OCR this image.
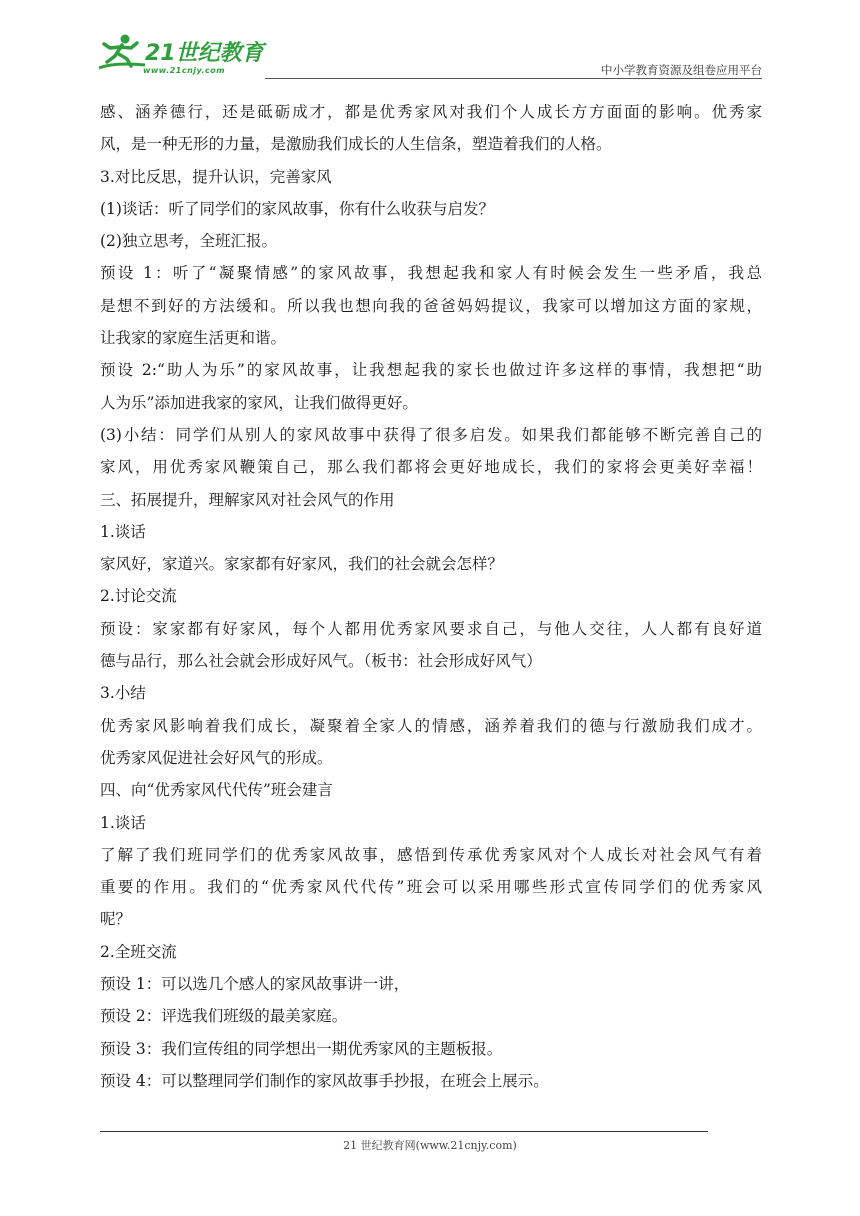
21世纪教育
www.21cnjy.com	中小学教育资源及组卷应用平台
感、涵养德行，还是砥砺成才，都是优秀家风对我们个人成长方方面面的影响。优秀家
风，是一种无形的力量，是激励我们成长的人生信条，塑造着我们的人格。
3.对比反思，提升认识，完善家风
(1)谈话：听了同学们的家风故事，你有什么收获与启发？
(2)独立思考，全班汇报。
预设 1：听了“凝聚情感”的家风故事，我想起我和家人有时候会发生一些矛盾，我总
是想不到好的方法缓和。所以我也想向我的爸爸妈妈提议，我家可以增加这方面的家规，
让我家的家庭生活更和谐。
预设 2:“助人为乐”的家风故事，让我想起我的家长也做过许多这样的事情，我想把“助
人为乐”添加进我家的家风，让我们做得更好。
(3)小结：同学们从别人的家风故事中获得了很多启发。如果我们都能够不断完善自己的
家风，用优秀家风鞭策自己，那么我们都将会更好地成长，我们的家将会更美好幸福！
三、拓展提升，理解家风对社会风气的作用
1.谈话
家风好，家道兴。家家都有好家风，我们的社会就会怎样？
2.讨论交流
预设：家家都有好家风，每个人都用优秀家风要求自己，与他人交往，人人都有良好道
德与品行，那么社会就会形成好风气。（板书：社会形成好风气）
3.小结
优秀家风影响着我们成长，凝聚着全家人的情感，涵养着我们的德与行激励我们成才。
优秀家风促进社会好风气的形成。
四、向“优秀家风代代传”班会建言
1.谈话
了解了我们班同学们的优秀家风故事，感悟到传承优秀家风对个人成长对社会风气有着
重要的作用。我们的“优秀家风代代传”班会可以采用哪些形式宣传同学们的优秀家风
呢？
2.全班交流
预设 1：可以选几个感人的家风故事讲一讲，
预设 2：评选我们班级的最美家庭。
预设 3：我们宣传组的同学想出一期优秀家风的主题板报。
预设 4：可以整理同学们制作的家风故事手抄报，在班会上展示。
21 世纪教育网(www.21cnjy.com)
